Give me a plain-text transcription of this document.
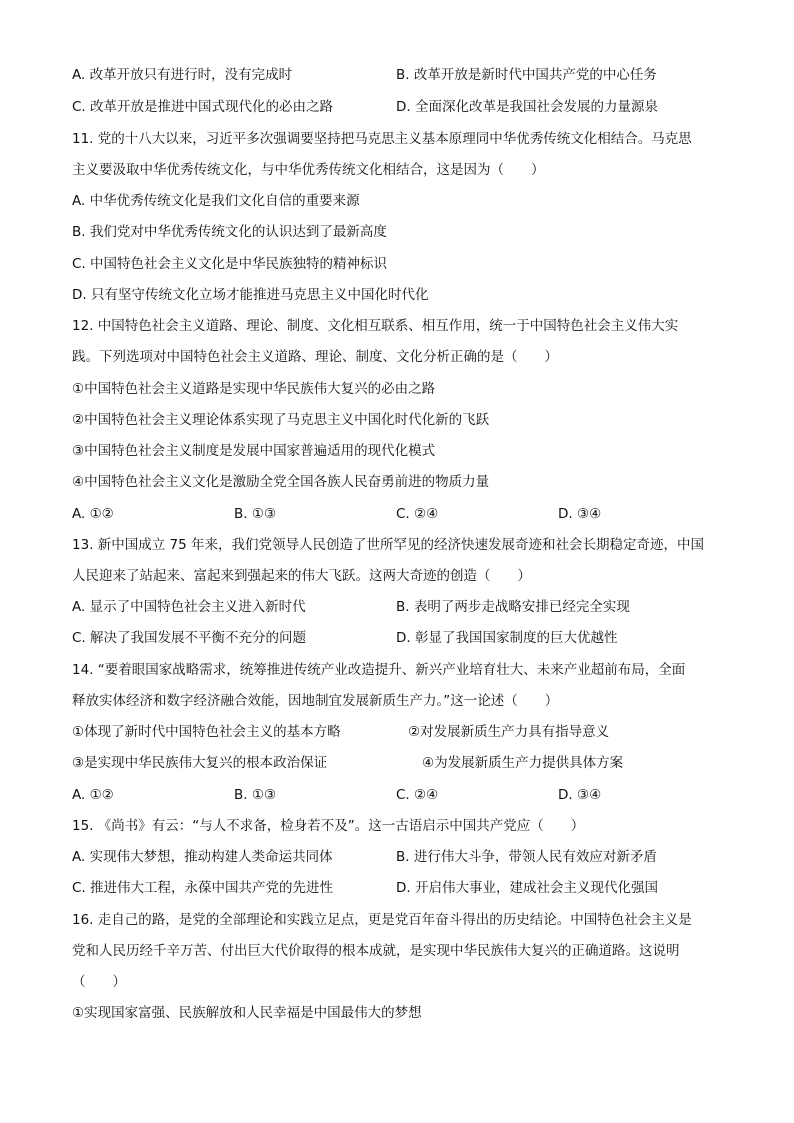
A. 改革开放只有进行时，没有完成时	B. 改革开放是新时代中国共产党的中心任务
C. 改革开放是推进中国式现代化的必由之路	D. 全面深化改革是我国社会发展的力量源泉
11. 党的十八大以来，习近平多次强调要坚持把马克思主义基本原理同中华优秀传统文化相结合。马克思
主义要汲取中华优秀传统文化，与中华优秀传统文化相结合，这是因为（　　）
A. 中华优秀传统文化是我们文化自信的重要来源
B. 我们党对中华优秀传统文化的认识达到了最新高度
C. 中国特色社会主义文化是中华民族独特的精神标识
D. 只有坚守传统文化立场才能推进马克思主义中国化时代化
12. 中国特色社会主义道路、理论、制度、文化相互联系、相互作用，统一于中国特色社会主义伟大实
践。下列选项对中国特色社会主义道路、理论、制度、文化分析正确的是（　　）
①中国特色社会主义道路是实现中华民族伟大复兴的必由之路
②中国特色社会主义理论体系实现了马克思主义中国化时代化新的飞跃
③中国特色社会主义制度是发展中国家普遍适用的现代化模式
④中国特色社会主义文化是激励全党全国各族人民奋勇前进的物质力量
A. ①②	B. ①③	C. ②④	D. ③④
13. 新中国成立 75 年来，我们党领导人民创造了世所罕见的经济快速发展奇迹和社会长期稳定奇迹，中国
人民迎来了站起来、富起来到强起来的伟大飞跃。这两大奇迹的创造（　　）
A. 显示了中国特色社会主义进入新时代	B. 表明了两步走战略安排已经完全实现
C. 解决了我国发展不平衡不充分的问题	D. 彰显了我国国家制度的巨大优越性
14. “要着眼国家战略需求，统筹推进传统产业改造提升、新兴产业培育壮大、未来产业超前布局，全面
释放实体经济和数字经济融合效能，因地制宜发展新质生产力。”这一论述（　　）
①体现了新时代中国特色社会主义的基本方略	②对发展新质生产力具有指导意义
③是实现中华民族伟大复兴的根本政治保证	④为发展新质生产力提供具体方案
A. ①②	B. ①③	C. ②④	D. ③④
15. 《尚书》有云：“与人不求备，检身若不及”。这一古语启示中国共产党应（　　）
A. 实现伟大梦想，推动构建人类命运共同体	B. 进行伟大斗争，带领人民有效应对新矛盾
C. 推进伟大工程，永葆中国共产党的先进性	D. 开启伟大事业，建成社会主义现代化强国
16. 走自己的路，是党的全部理论和实践立足点，更是党百年奋斗得出的历史结论。中国特色社会主义是
党和人民历经千辛万苦、付出巨大代价取得的根本成就，是实现中华民族伟大复兴的正确道路。这说明
（　　）
①实现国家富强、民族解放和人民幸福是中国最伟大的梦想
